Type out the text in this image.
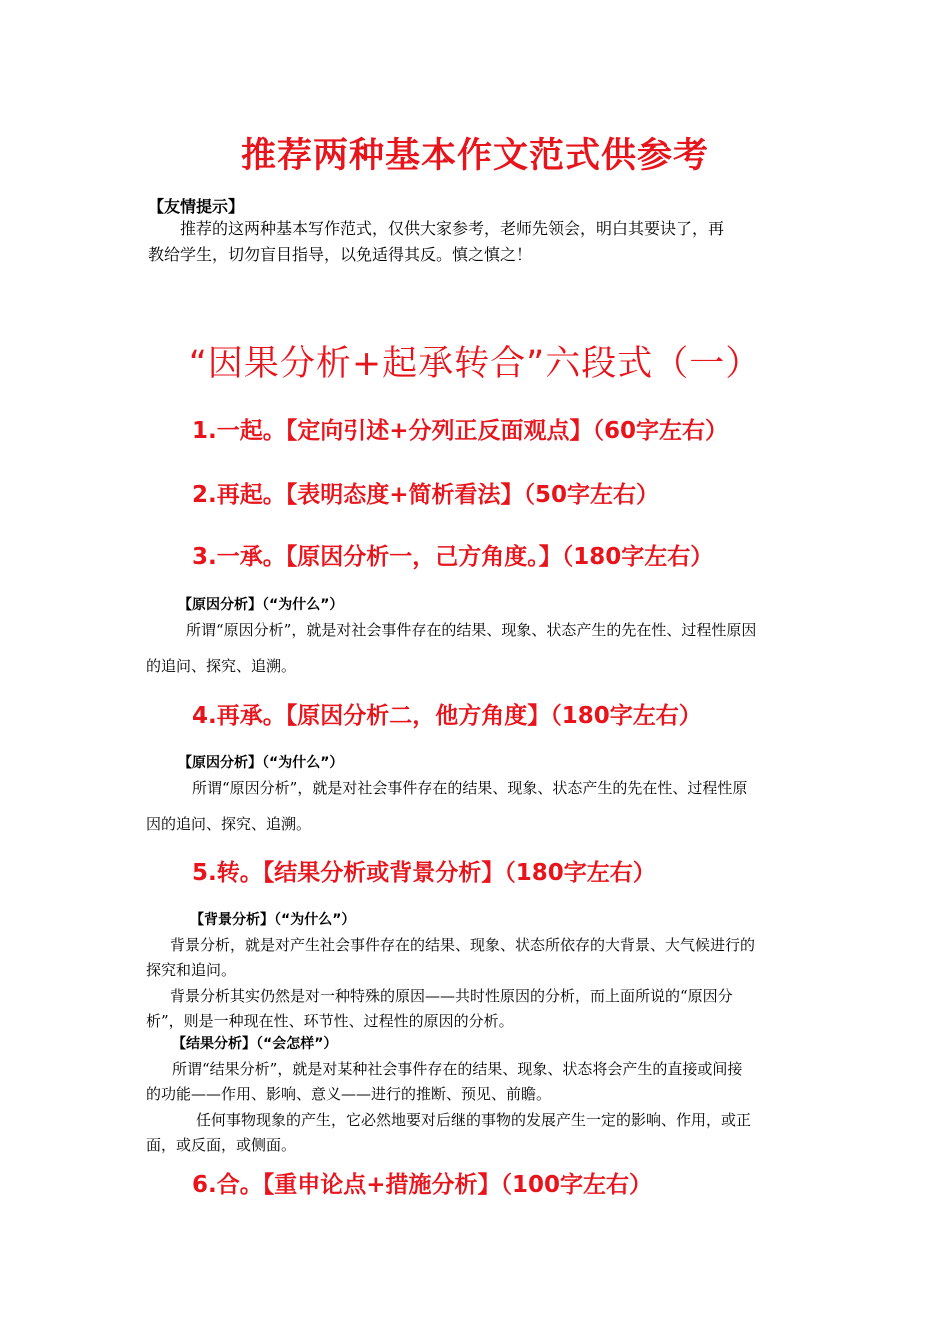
推荐两种基本作文范式供参考
【友情提示】
推荐的这两种基本写作范式，仅供大家参考，老师先领会，明白其要诀了，再
教给学生，切勿盲目指导，以免适得其反。慎之慎之！
“因果分析+起承转合”六段式（一）
1.一起。【定向引述+分列正反面观点】（60字左右）
2.再起。【表明态度+简析看法】（50字左右）
3.一承。【原因分析一，己方角度。】（180字左右）
【原因分析】（“为什么”）
所谓“原因分析”，就是对社会事件存在的结果、现象、状态产生的先在性、过程性原因
的追问、探究、追溯。
4.再承。【原因分析二，他方角度】（180字左右）
【原因分析】（“为什么”）
所谓“原因分析”，就是对社会事件存在的结果、现象、状态产生的先在性、过程性原
因的追问、探究、追溯。
5.转。【结果分析或背景分析】（180字左右）
【背景分析】（“为什么”）
背景分析，就是对产生社会事件存在的结果、现象、状态所依存的大背景、大气候进行的
探究和追问。
背景分析其实仍然是对一种特殊的原因——共时性原因的分析，而上面所说的“原因分
析”，则是一种现在性、环节性、过程性的原因的分析。
【结果分析】（“会怎样”）
所谓“结果分析”，就是对某种社会事件存在的结果、现象、状态将会产生的直接或间接
的功能——作用、影响、意义——进行的推断、预见、前瞻。
任何事物现象的产生，它必然地要对后继的事物的发展产生一定的影响、作用，或正
面，或反面，或侧面。
6.合。【重申论点+措施分析】（100字左右）
